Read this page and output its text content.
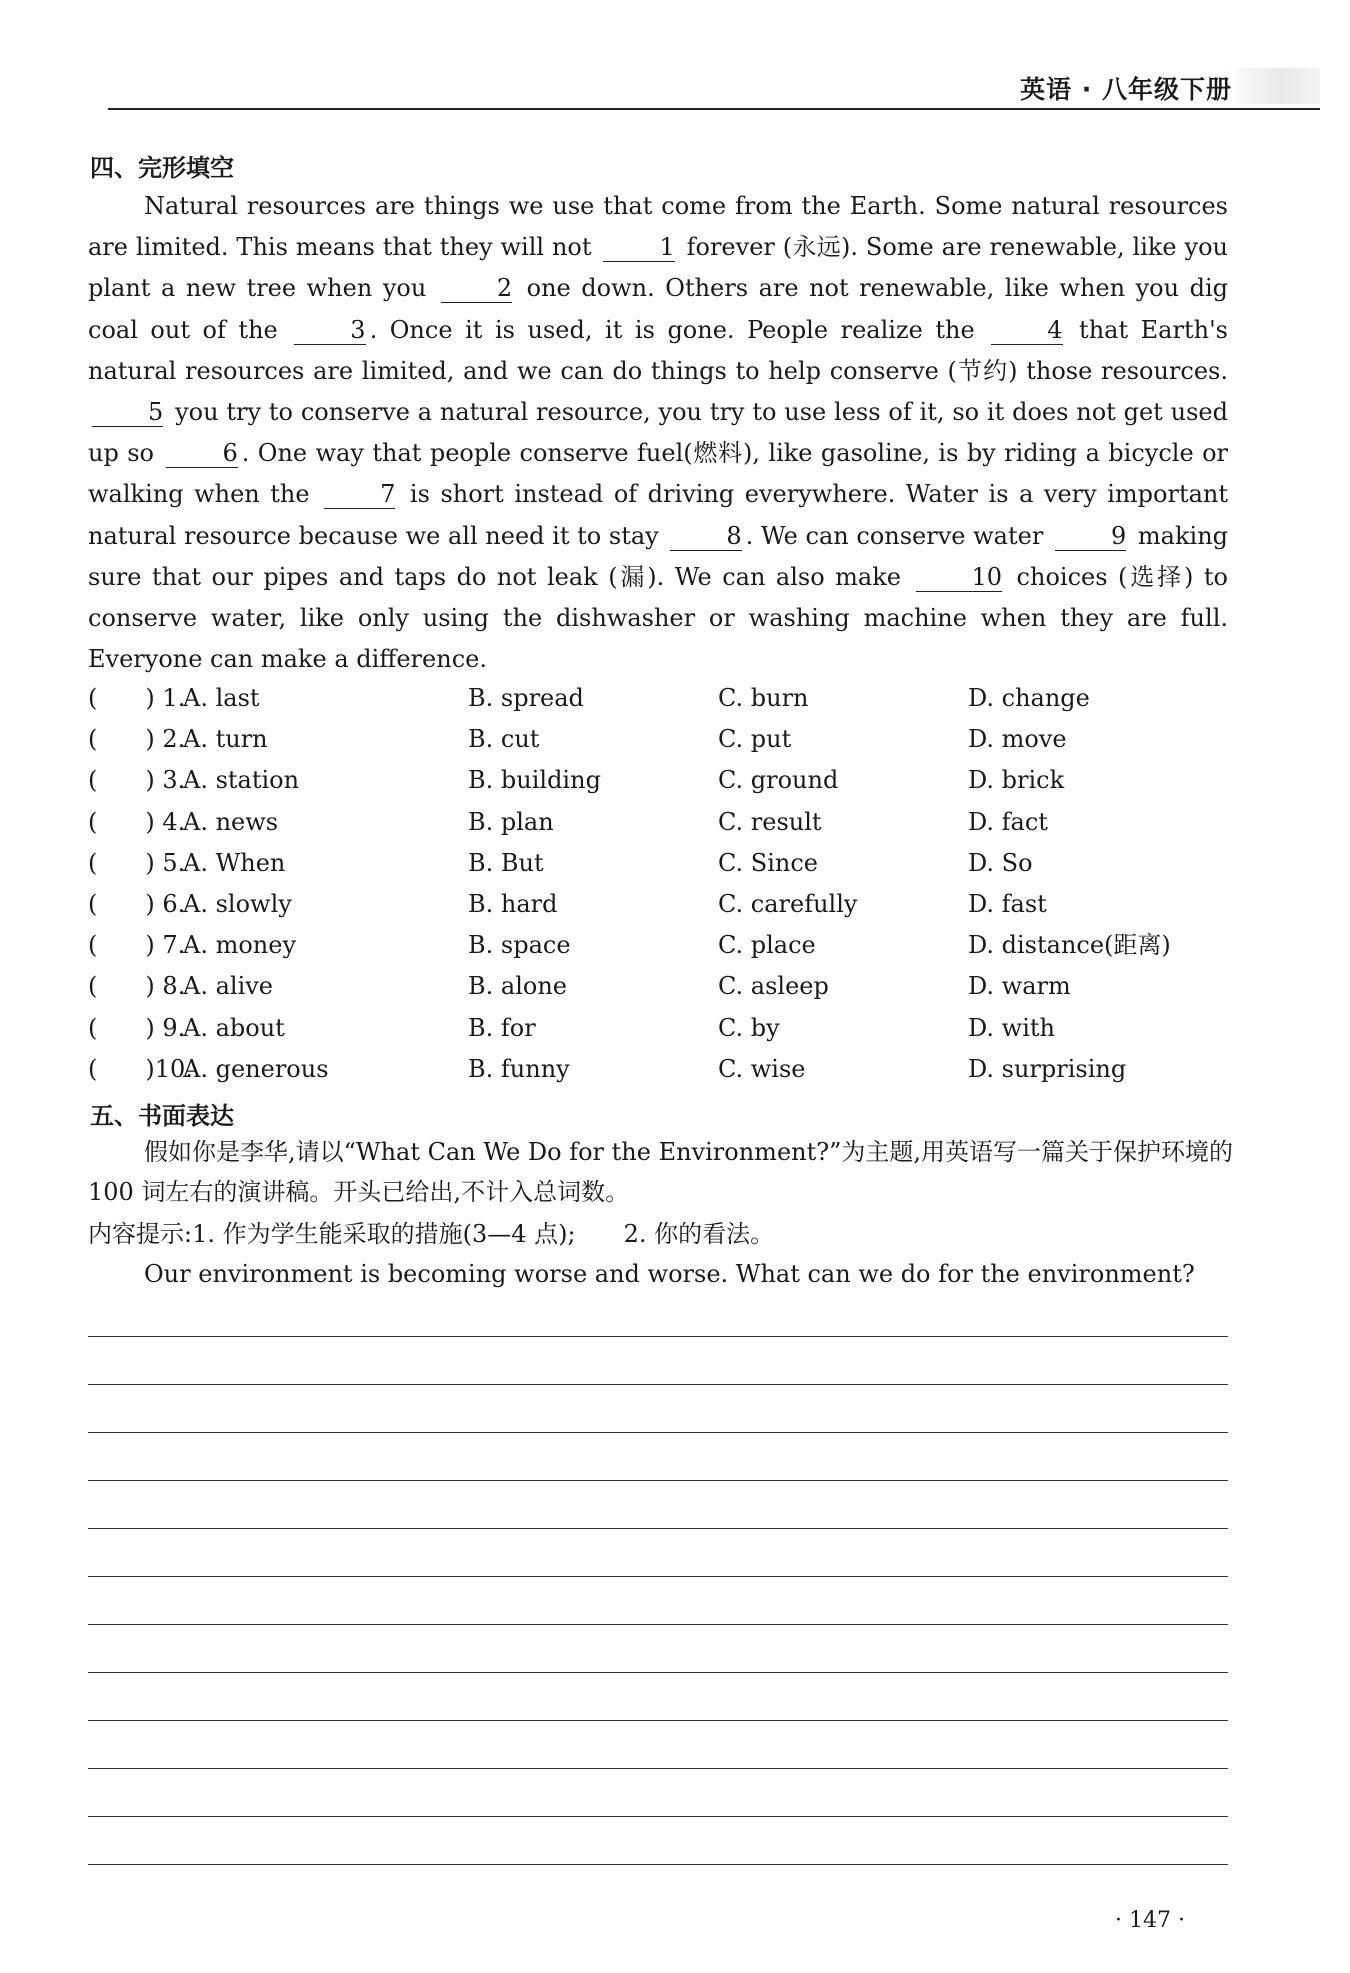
英语 · 八年级下册
四、完形填空

Natural resources are things we use that come from the Earth. Some natural resources are limited. This means that they will not	1 forever (永远). Some are renewable, like you plant a new tree when you	2 one down. Others are not renewable, like when you dig coal out of the	3 . Once it is used, it is gone. People realize the	4 that Earth's natural resources are limited, and we can do things to help conserve (节约) those resources. 5 you try to conserve a natural resource, you try to use less of it, so it does not get used up so	6 . One way that people conserve fuel(燃料), like gasoline, is by riding a bicycle or walking when the	7 is short instead of driving everywhere. Water is a very important natural resource because we all need it to stay	8 . We can conserve water	9 making sure that our pipes and taps do not leak (漏). We can also make	10 choices (选择) to conserve water, like only using the dishwasher or washing machine when they are full. Everyone can make a difference.

(　　) 1.
A. last	B. spread	C. burn	D. change
(　　) 2.
A. turn	B. cut	C. put	D. move
(　　) 3.
A. station	B. building	C. ground	D. brick
(　　) 4.
A. news	B. plan	C. result	D. fact
(　　) 5.
A. When	B. But	C. Since	D. So
(　　) 6.
A. slowly	B. hard	C. carefully	D. fast
(　　) 7.
A. money	B. space	C. place	D. distance(距离)
(　　) 8.
A. alive	B. alone	C. asleep	D. warm
(　　) 9.
A. about	B. for	C. by	D. with
(　　)10.
A. generous	B. funny	C. wise	D. surprising
五、书面表达
假如你是李华,请以“What Can We Do for the Environment?”为主题,用英语写一篇关于保护环境的 100 词左右的演讲稿。开头已给出,不计入总词数。
内容提示:1. 作为学生能采取的措施(3—4 点);　　2. 你的看法。
Our environment is becoming worse and worse. What can we do for the environment?
· 147 ·
